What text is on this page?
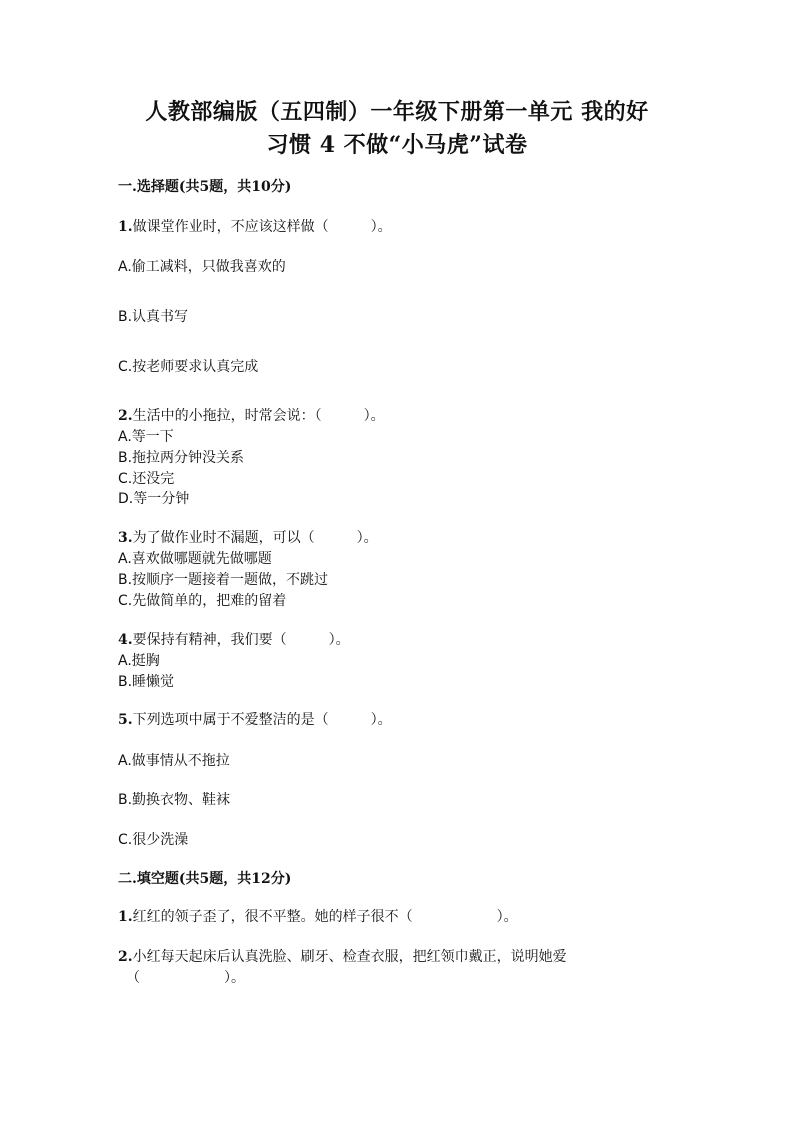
人教部编版（五四制）一年级下册第一单元 我的好
习惯 4 不做“小马虎”试卷
一.选择题(共5题，共10分)
1.做课堂作业时，不应该这样做（　　　）。
A.偷工减料，只做我喜欢的
B.认真书写
C.按老师要求认真完成
2.生活中的小拖拉，时常会说：（　　　）。
A.等一下
B.拖拉两分钟没关系
C.还没完
D.等一分钟
3.为了做作业时不漏题，可以（　　　）。
A.喜欢做哪题就先做哪题
B.按顺序一题接着一题做，不跳过
C.先做简单的，把难的留着
4.要保持有精神，我们要（　　　）。
A.挺胸
B.睡懒觉
5.下列选项中属于不爱整洁的是（　　　）。
A.做事情从不拖拉
B.勤换衣物、鞋袜
C.很少洗澡
二.填空题(共5题，共12分)
1.红红的领子歪了，很不平整。她的样子很不（　　　　　　）。
2.小红每天起床后认真洗脸、刷牙、检查衣服，把红领巾戴正，说明她爱
（　　　　　　）。
